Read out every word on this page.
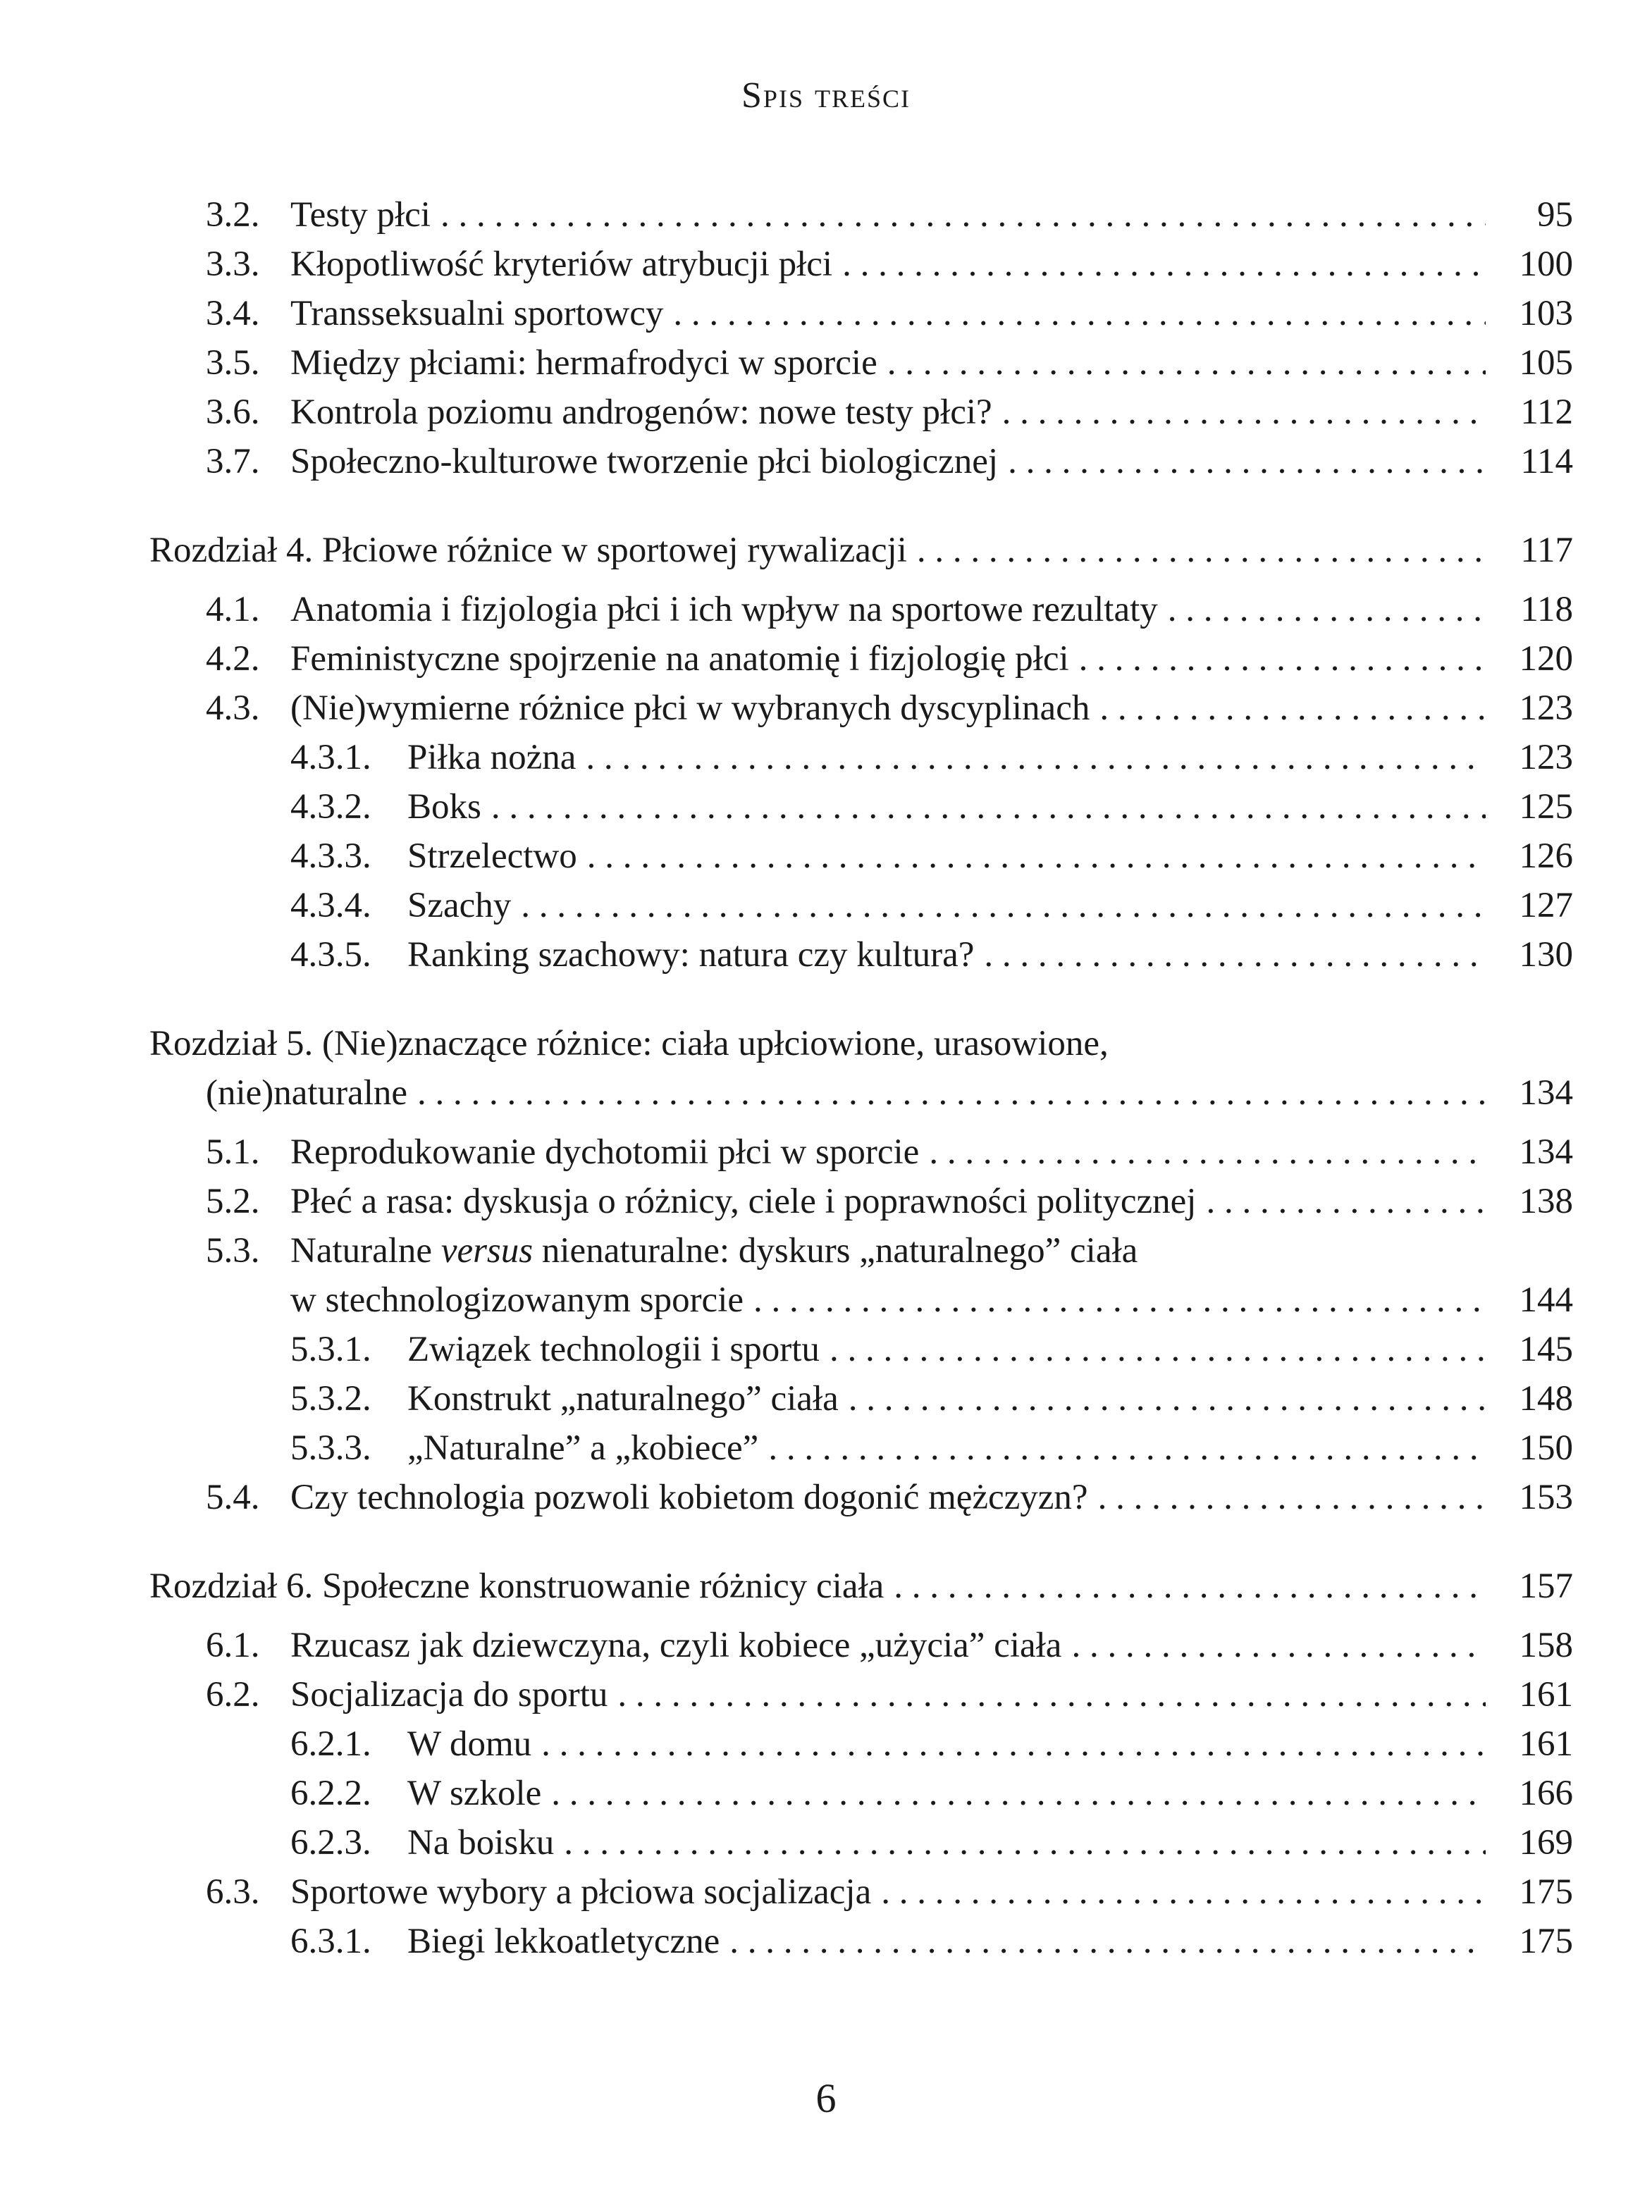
Spis treści
3.2. Testy płci . . .	95
3.3. Kłopotliwość kryteriów atrybucji płci . . .	100
3.4. Transseksualni sportowcy . . .	103
3.5. Między płciami: hermafrodyci w sporcie . . .	105
3.6. Kontrola poziomu androgenów: nowe testy płci? . . .	112
3.7. Społeczno-kulturowe tworzenie płci biologicznej . . .	114
Rozdział 4. Płciowe różnice w sportowej rywalizacji . . .	117
4.1. Anatomia i fizjologia płci i ich wpływ na sportowe rezultaty . . .	118
4.2. Feministyczne spojrzenie na anatomię i fizjologię płci . . .	120
4.3. (Nie)wymierne różnice płci w wybranych dyscyplinach . . .	123
4.3.1.	Piłka nożna . . .	123
4.3.2.	Boks . . .	125
4.3.3.	Strzelectwo . . .	126
4.3.4.	Szachy . . .	127
4.3.5.	Ranking szachowy: natura czy kultura? . . .	130
Rozdział 5. (Nie)znaczące różnice: ciała upłciowione, urasowione,
(nie)naturalne . . .	134
5.1. Reprodukowanie dychotomii płci w sporcie . . .	134
5.2. Płeć a rasa: dyskusja o różnicy, ciele i poprawności politycznej . . .	138
5.3. Naturalne versus nienaturalne: dyskurs „naturalnego” ciała
w stechnologizowanym sporcie . . .	144
5.3.1.	Związek technologii i sportu . . .	145
5.3.2.	Konstrukt „naturalnego” ciała . . .	148
5.3.3.	„Naturalne” a „kobiece” . . .	150
5.4. Czy technologia pozwoli kobietom dogonić mężczyzn? . . .	153
Rozdział 6. Społeczne konstruowanie różnicy ciała . . .	157
6.1. Rzucasz jak dziewczyna, czyli kobiece „użycia” ciała . . .	158
6.2. Socjalizacja do sportu . . .	161
6.2.1.	W domu . . .	161
6.2.2.	W szkole . . .	166
6.2.3.	Na boisku . . .	169
6.3. Sportowe wybory a płciowa socjalizacja . . .	175
6.3.1.	Biegi lekkoatletyczne . . .	175
6
